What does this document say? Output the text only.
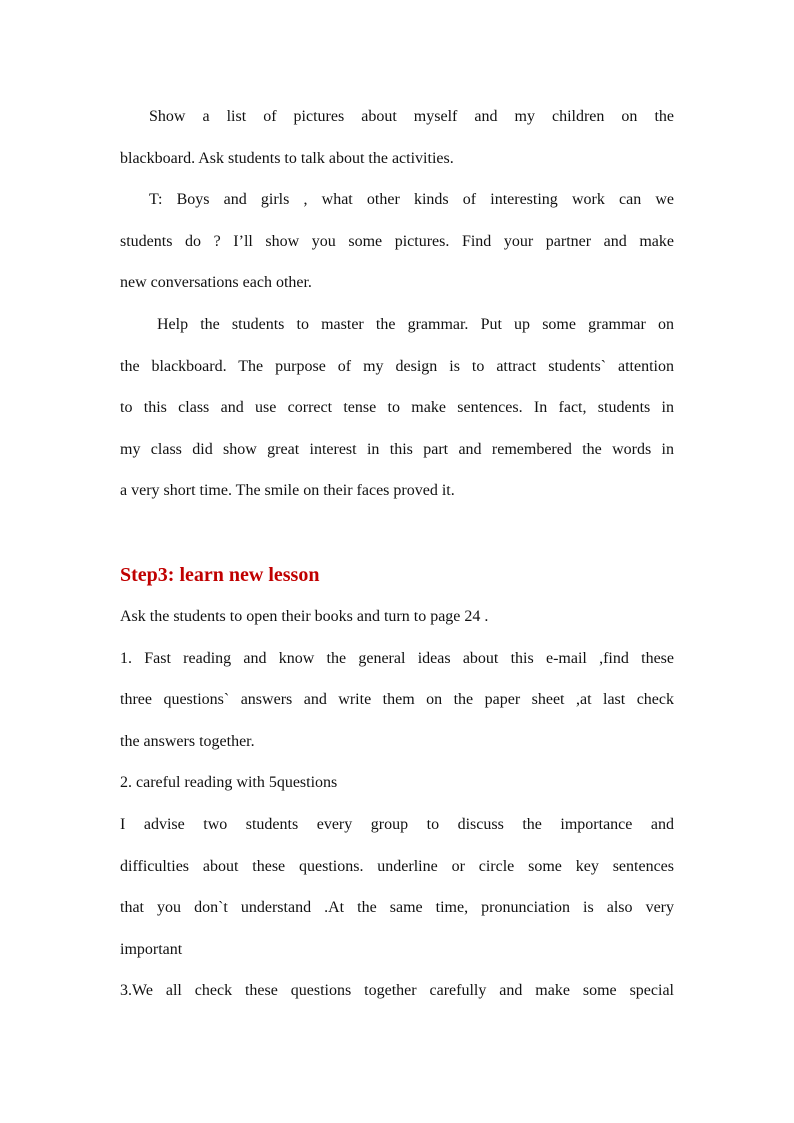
Show a list of pictures about myself and my children on the
blackboard. Ask students to talk about the activities.
T: Boys and girls , what other kinds of interesting work can we
students do ? I’ll show you some pictures. Find your partner and make
new conversations each other.
Help the students to master the grammar. Put up some grammar on
the blackboard. The purpose of my design is to attract students` attention
to this class and use correct tense to make sentences. In fact, students in
my class did show great interest in this part and remembered the words in
a very short time. The smile on their faces proved it.
Step3: learn new lesson
Ask the students to open their books and turn to page 24 .
1. Fast reading and know the general ideas about this e-mail ,find these
three questions` answers and write them on the paper sheet ,at last check
the answers together.
2. careful reading with 5questions
I advise two students every group to discuss the importance and
difficulties about these questions. underline or circle some key sentences
that you don`t understand .At the same time, pronunciation is also very
important
3.We all check these questions together carefully and make some special
